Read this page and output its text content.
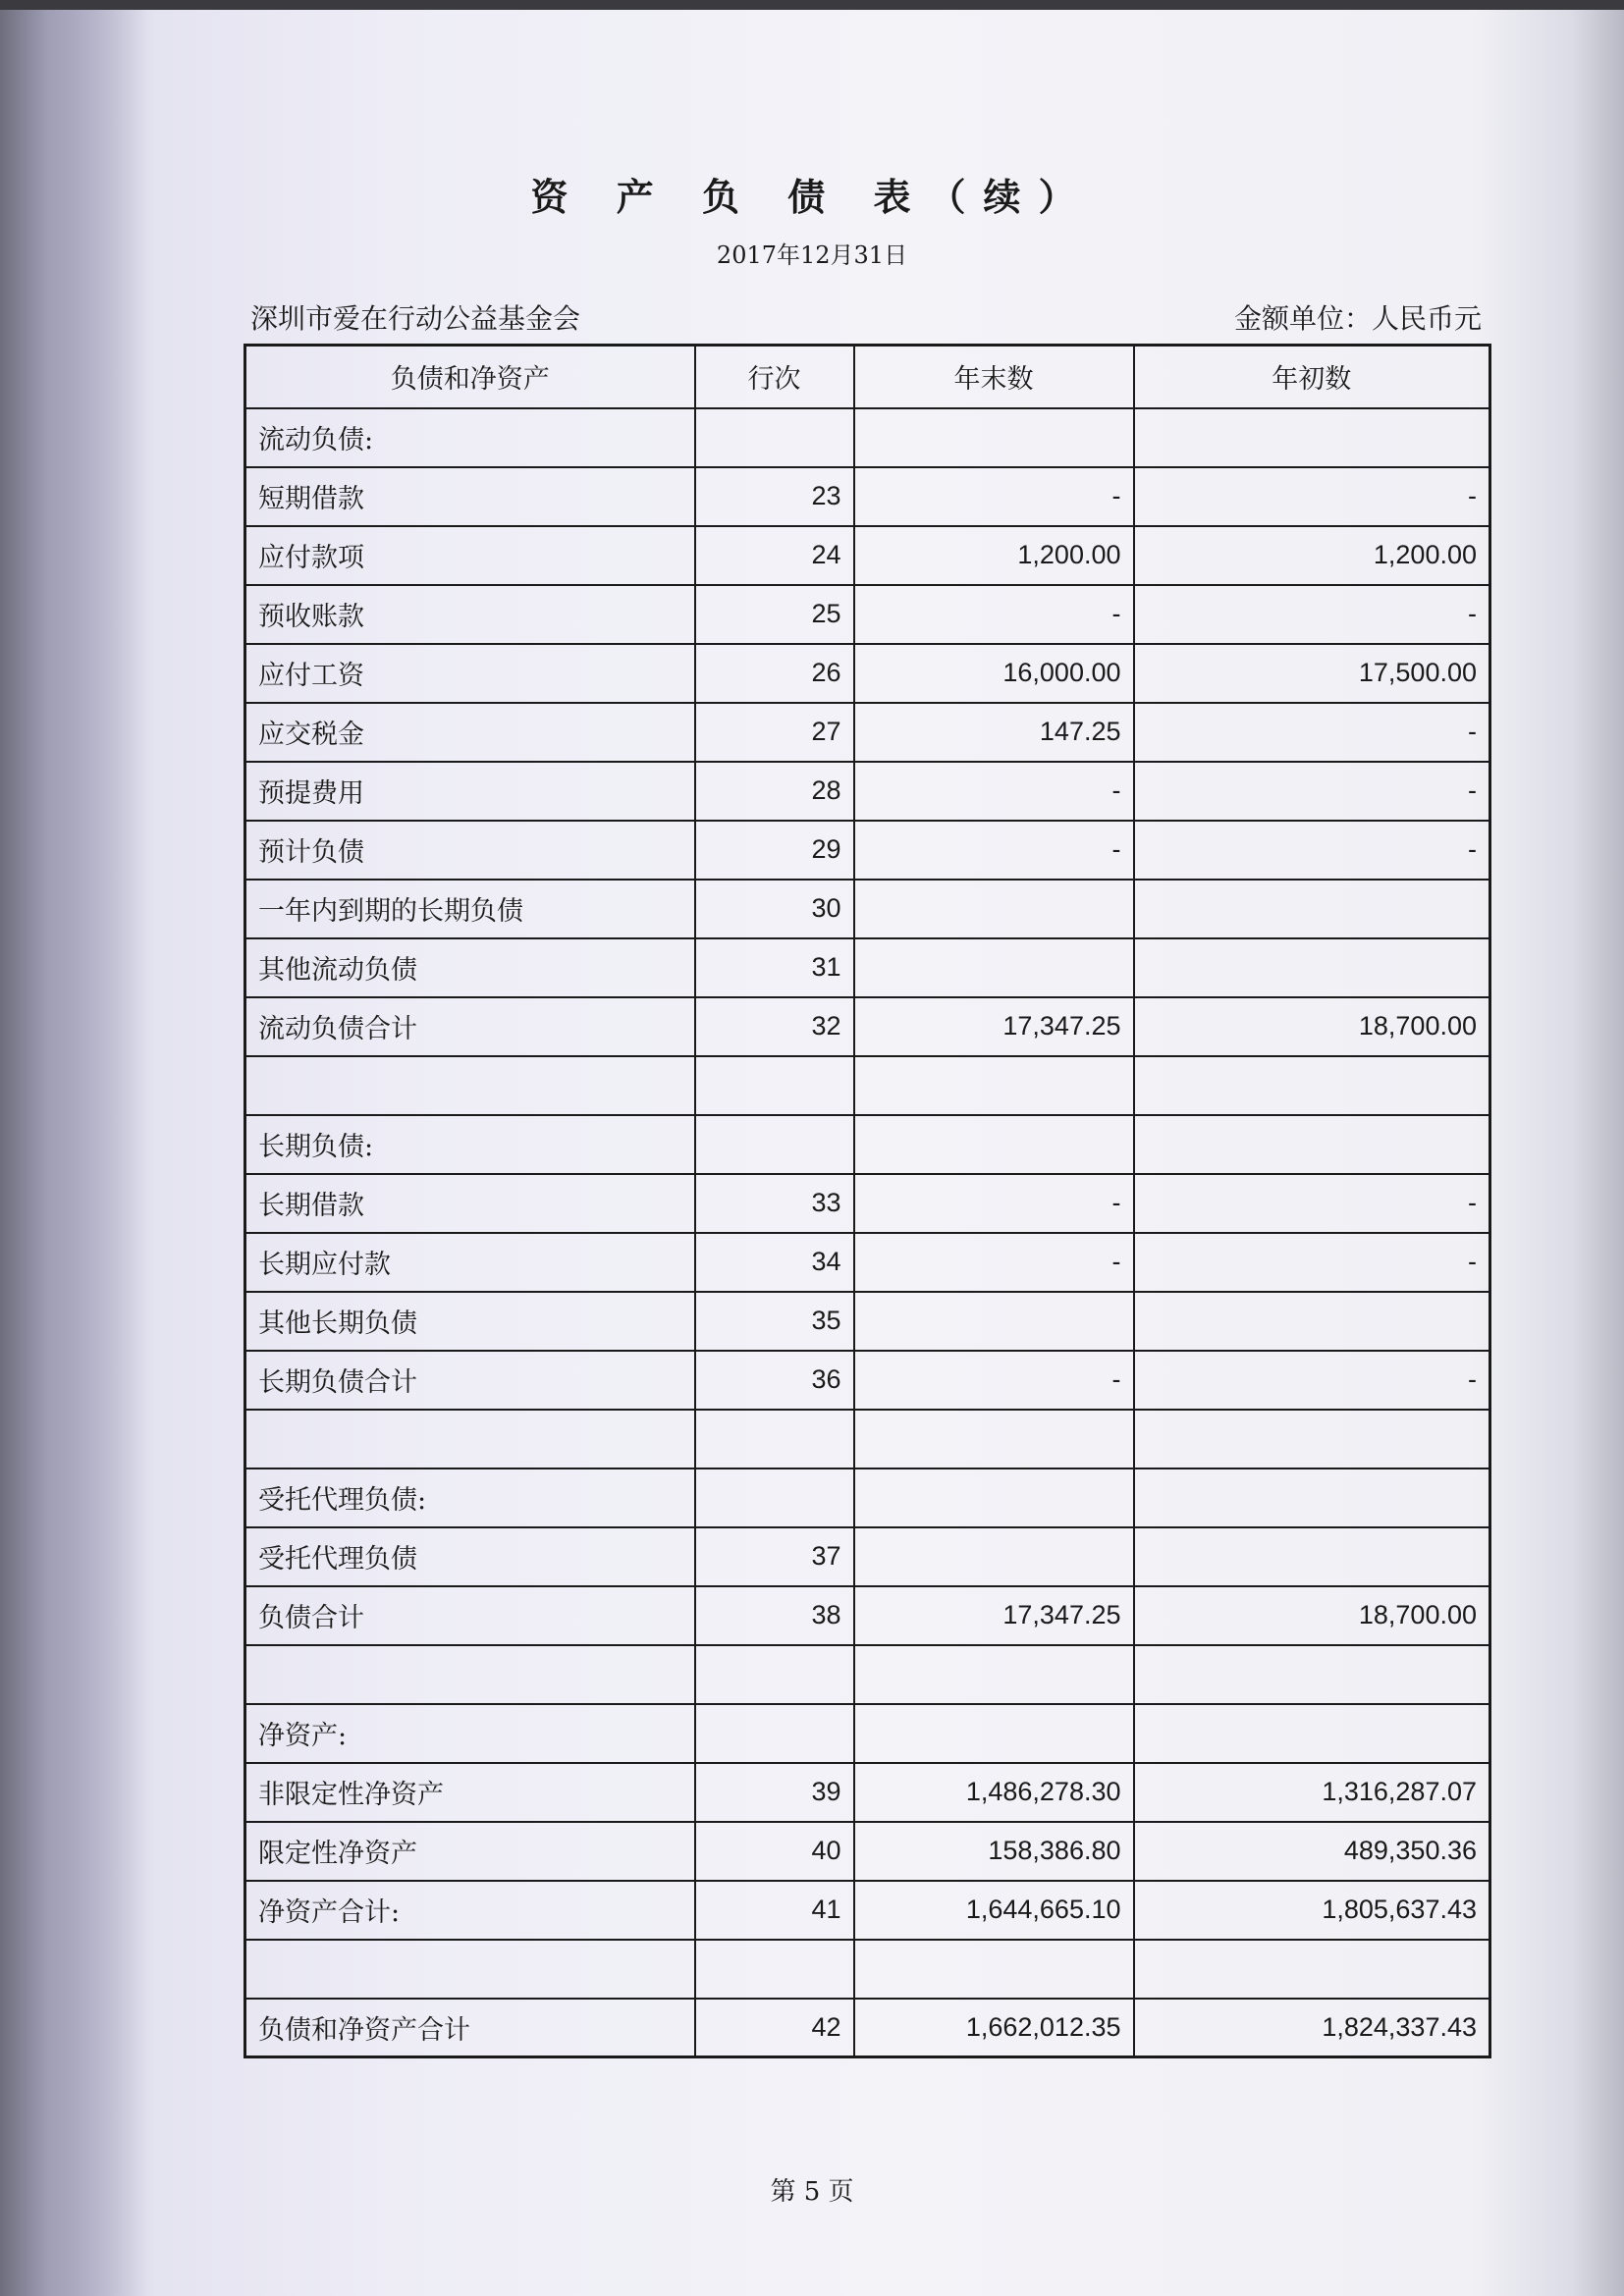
资 产 负 债 表（续）
2017年12月31日
深圳市爱在行动公益基金会	金额单位：人民币元
负债和净资产	行次	年末数	年初数
流动负债:			
短期借款	23	-	-
应付款项	24	1,200.00	1,200.00
预收账款	25	-	-
应付工资	26	16,000.00	17,500.00
应交税金	27	147.25	-
预提费用	28	-	-
预计负债	29	-	-
一年内到期的长期负债	30		
其他流动负债	31		
流动负债合计	32	17,347.25	18,700.00

长期负债:			
长期借款	33	-	-
长期应付款	34	-	-
其他长期负债	35		
长期负债合计	36	-	-

受托代理负债:			
受托代理负债	37		
负债合计	38	17,347.25	18,700.00

净资产:			
非限定性净资产	39	1,486,278.30	1,316,287.07
限定性净资产	40	158,386.80	489,350.36
净资产合计:	41	1,644,665.10	1,805,637.43

负债和净资产合计	42	1,662,012.35	1,824,337.43
第 5 页
